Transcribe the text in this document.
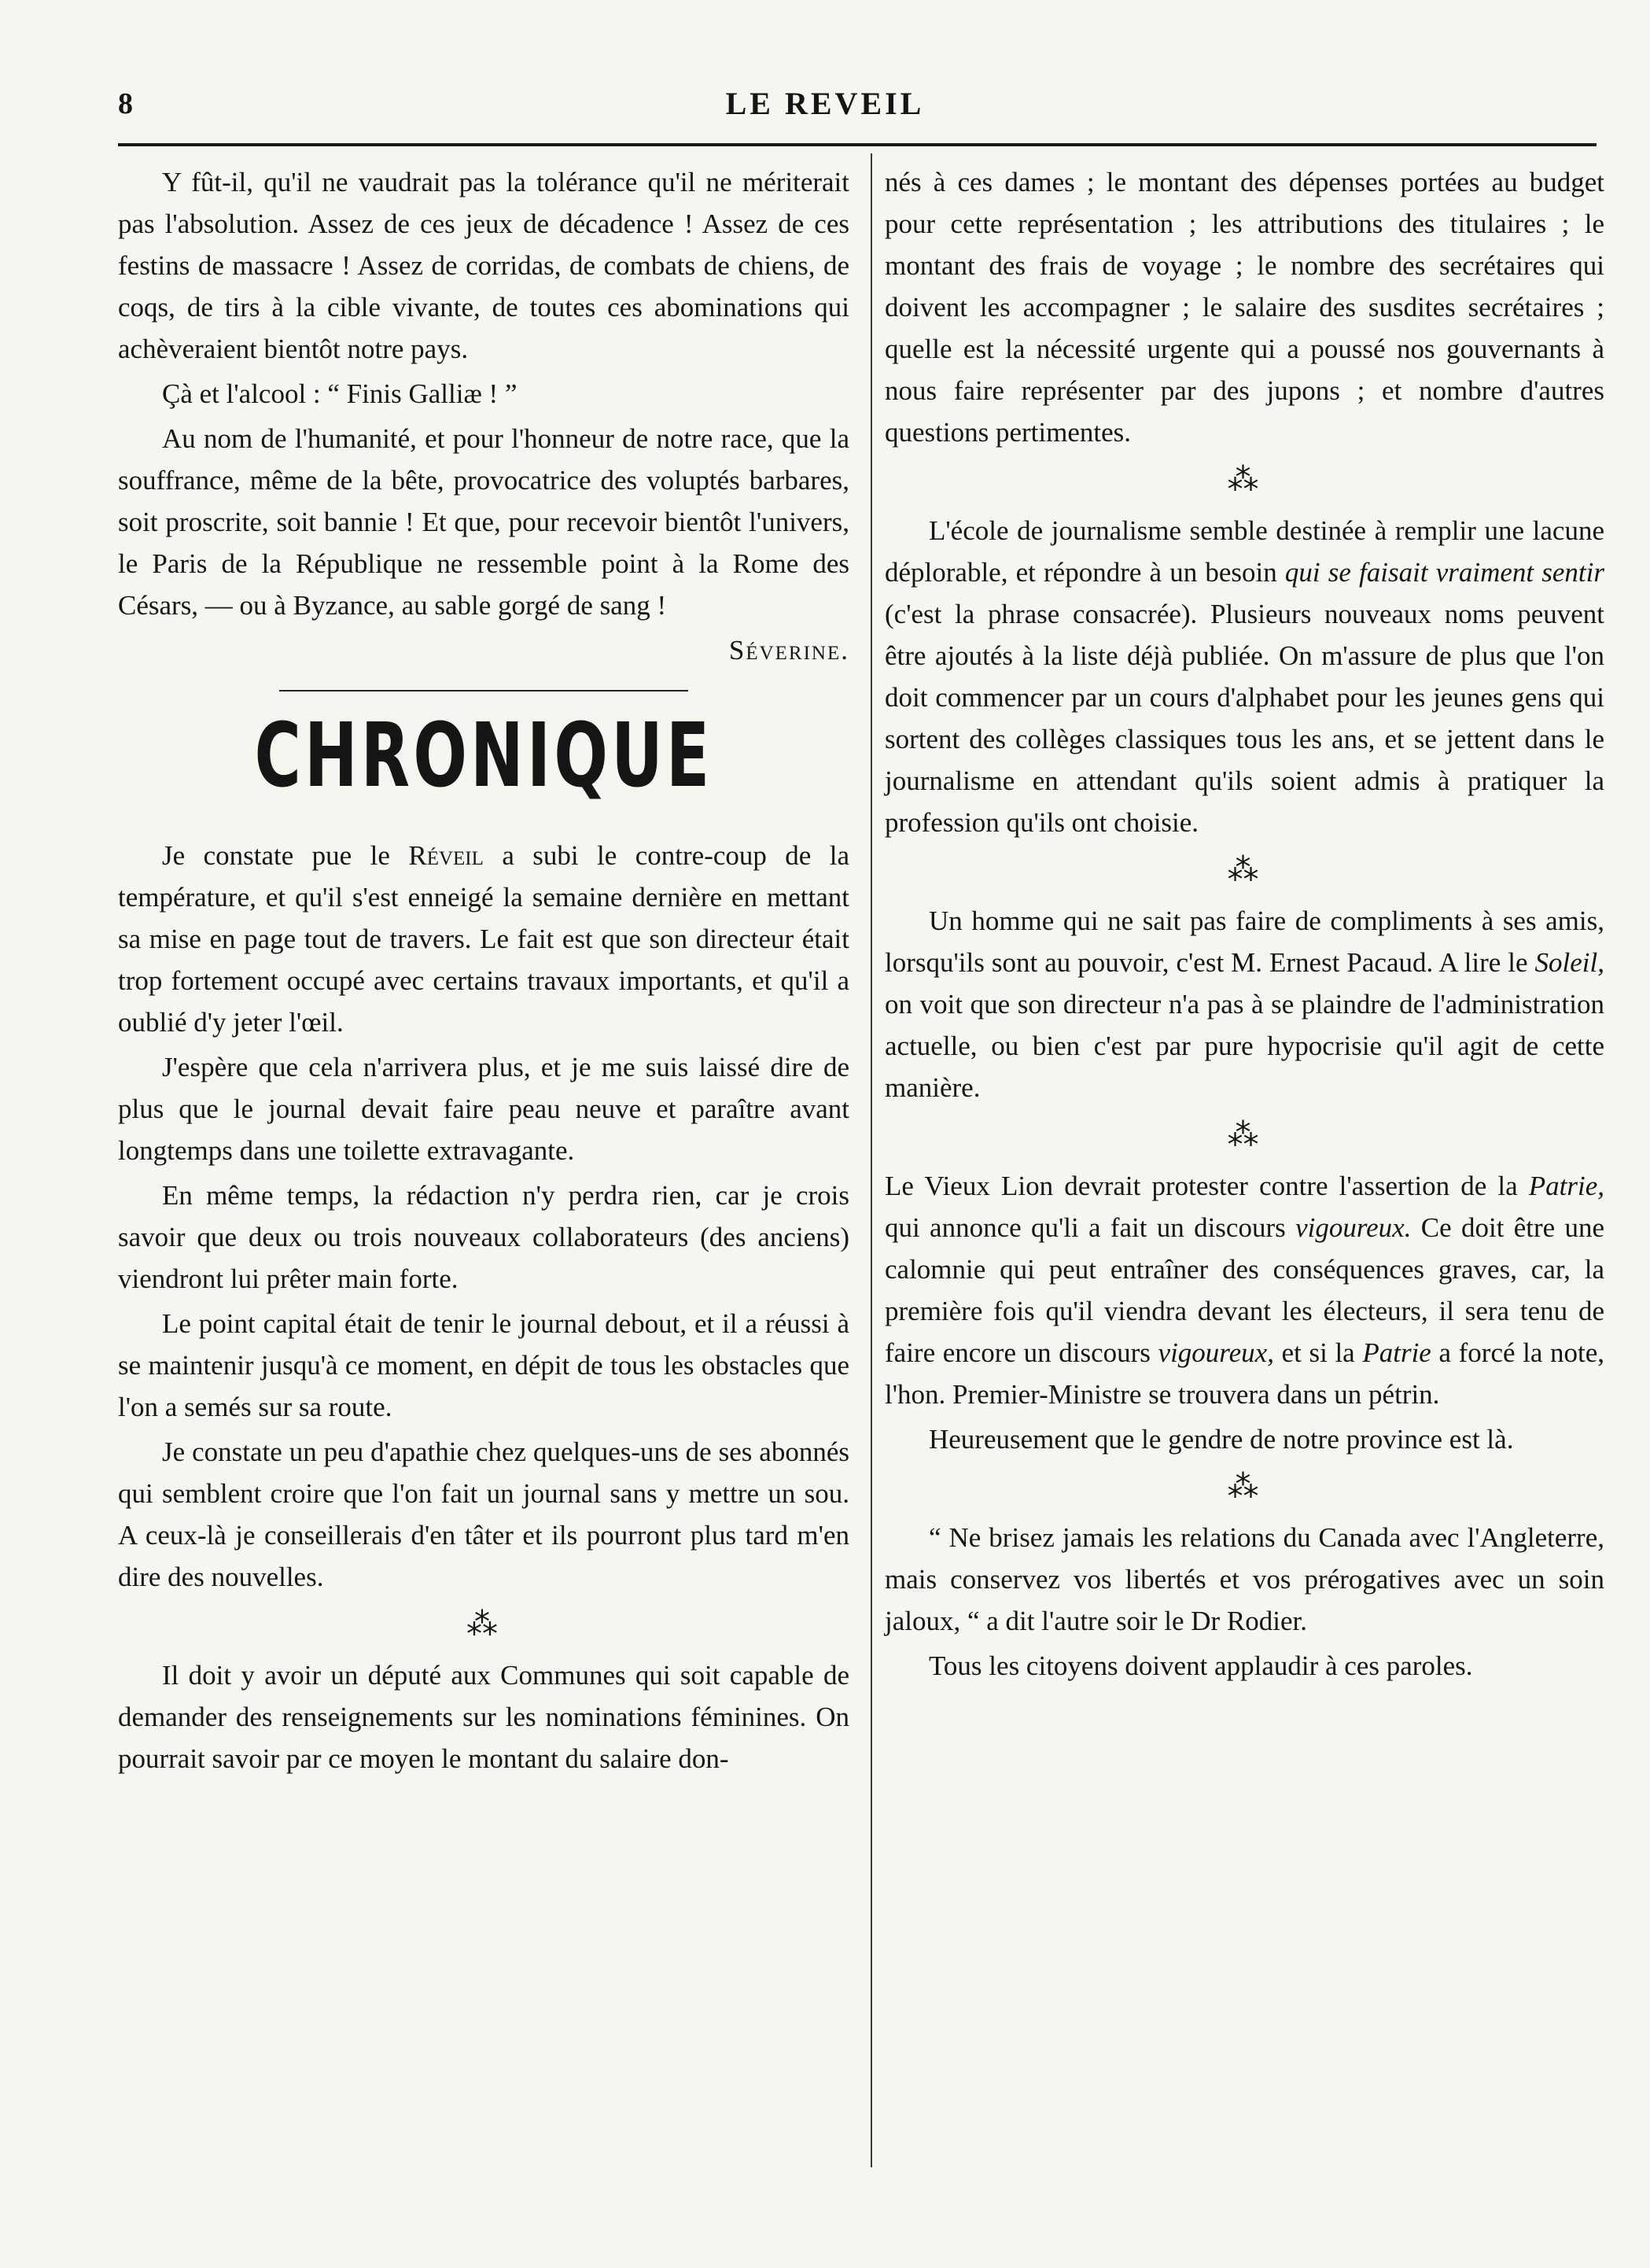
8	LE REVEIL

Y fût-il, qu'il ne vaudrait pas la tolérance qu'il ne mériterait pas l'absolution. Assez de ces jeux de décadence ! Assez de ces festins de massacre ! Assez de corridas, de combats de chiens, de coqs, de tirs à la cible vivante, de toutes ces abominations qui achèveraient bientôt notre pays.

Çà et l'alcool : “ Finis Galliæ ! ”

Au nom de l'humanité, et pour l'honneur de notre race, que la souffrance, même de la bête, provocatrice des voluptés barbares, soit proscrite, soit bannie ! Et que, pour recevoir bientôt l'univers, le Paris de la République ne ressemble point à la Rome des Césars, — ou à Byzance, au sable gorgé de sang !

Séverine.

CHRONIQUE

Je constate pue le Réveil a subi le contre-coup de la température, et qu'il s'est enneigé la semaine dernière en mettant sa mise en page tout de travers. Le fait est que son directeur était trop fortement occupé avec certains travaux importants, et qu'il a oublié d'y jeter l'œil.

J'espère que cela n'arrivera plus, et je me suis laissé dire de plus que le journal devait faire peau neuve et paraître avant longtemps dans une toilette extravagante.

En même temps, la rédaction n'y perdra rien, car je crois savoir que deux ou trois nouveaux collaborateurs (des anciens) viendront lui prêter main forte.

Le point capital était de tenir le journal debout, et il a réussi à se maintenir jusqu'à ce moment, en dépit de tous les obstacles que l'on a semés sur sa route.

Je constate un peu d'apathie chez quelques-uns de ses abonnés qui semblent croire que l'on fait un journal sans y mettre un sou. A ceux-là je conseillerais d'en tâter et ils pourront plus tard m'en dire des nouvelles.

⁂

Il doit y avoir un député aux Communes qui soit capable de demander des renseignements sur les nominations féminines. On pourrait savoir par ce moyen le montant du salaire don-

nés à ces dames ; le montant des dépenses portées au budget pour cette représentation ; les attributions des titulaires ; le montant des frais de voyage ; le nombre des secrétaires qui doivent les accompagner ; le salaire des susdites secrétaires ; quelle est la nécessité urgente qui a poussé nos gouvernants à nous faire représenter par des jupons ; et nombre d'autres questions pertimentes.

⁂

L'école de journalisme semble destinée à remplir une lacune déplorable, et répondre à un besoin qui se faisait vraiment sentir (c'est la phrase consacrée). Plusieurs nouveaux noms peuvent être ajoutés à la liste déjà publiée. On m'assure de plus que l'on doit commencer par un cours d'alphabet pour les jeunes gens qui sortent des collèges classiques tous les ans, et se jettent dans le journalisme en attendant qu'ils soient admis à pratiquer la profession qu'ils ont choisie.

⁂

Un homme qui ne sait pas faire de compliments à ses amis, lorsqu'ils sont au pouvoir, c'est M. Ernest Pacaud. A lire le Soleil, on voit que son directeur n'a pas à se plaindre de l'administration actuelle, ou bien c'est par pure hypocrisie qu'il agit de cette manière.

⁂

Le Vieux Lion devrait protester contre l'assertion de la Patrie, qui annonce qu'li a fait un discours vigoureux. Ce doit être une calomnie qui peut entraîner des conséquences graves, car, la première fois qu'il viendra devant les électeurs, il sera tenu de faire encore un discours vigoureux, et si la Patrie a forcé la note, l'hon. Premier-Ministre se trouvera dans un pétrin.

Heureusement que le gendre de notre province est là.

⁂

“ Ne brisez jamais les relations du Canada avec l'Angleterre, mais conservez vos libertés et vos prérogatives avec un soin jaloux, “ a dit l'autre soir le Dr Rodier.

Tous les citoyens doivent applaudir à ces paroles.
